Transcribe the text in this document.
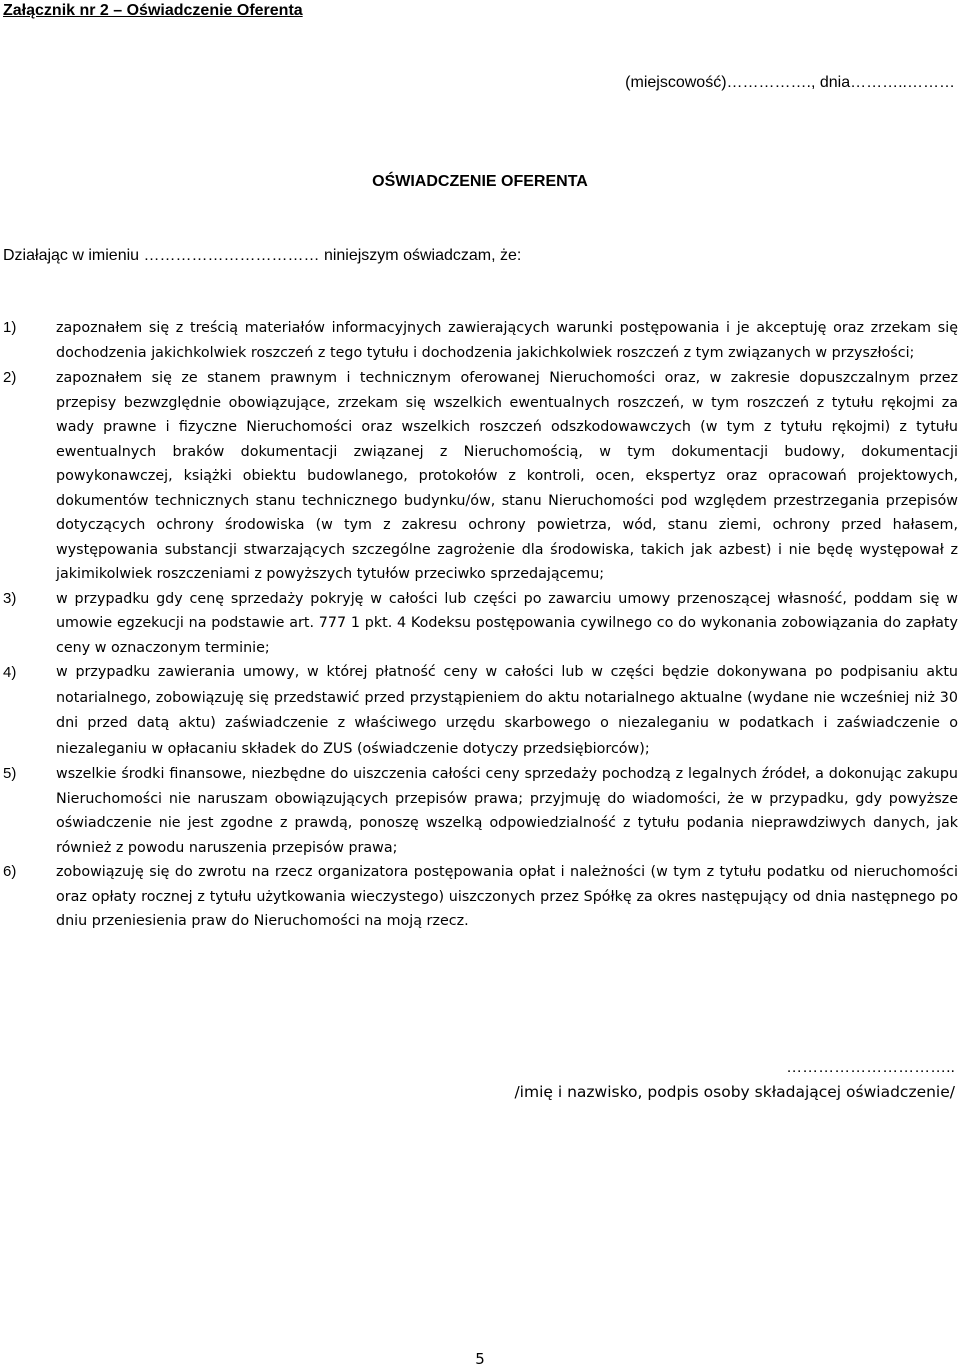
Załącznik nr 2 – Oświadczenie Oferenta
(miejscowość)……………., dnia………..………
OŚWIADCZENIE OFERENTA
Działając w imieniu …………………………… niniejszym oświadczam, że:
1)	zapoznałem się z treścią materiałów informacyjnych zawierających warunki postępowania i je akceptuję oraz zrzekam się dochodzenia jakichkolwiek roszczeń z tego tytułu i dochodzenia jakichkolwiek roszczeń z tym związanych w przyszłości;
2)	zapoznałem się ze stanem prawnym i technicznym oferowanej Nieruchomości oraz, w zakresie dopuszczalnym przez przepisy bezwzględnie obowiązujące, zrzekam się wszelkich ewentualnych roszczeń, w tym roszczeń z tytułu rękojmi za wady prawne i fizyczne Nieruchomości oraz wszelkich roszczeń odszkodowawczych (w tym z tytułu rękojmi) z tytułu ewentualnych braków dokumentacji związanej z Nieruchomością, w tym dokumentacji budowy, dokumentacji powykonawczej, książki obiektu budowlanego, protokołów z kontroli, ocen, ekspertyz oraz opracowań projektowych, dokumentów technicznych stanu technicznego budynku/ów, stanu Nieruchomości pod względem przestrzegania przepisów dotyczących ochrony środowiska (w tym z zakresu ochrony powietrza, wód, stanu ziemi, ochrony przed hałasem, występowania substancji stwarzających szczególne zagrożenie dla środowiska, takich jak azbest) i nie będę występował z jakimikolwiek roszczeniami z powyższych tytułów przeciwko sprzedającemu;
3)	w przypadku gdy cenę sprzedaży pokryję w całości lub części po zawarciu umowy przenoszącej własność, poddam się w umowie egzekucji na podstawie art. 777 1 pkt. 4 Kodeksu postępowania cywilnego co do wykonania zobowiązania do zapłaty ceny w oznaczonym terminie;
4)	w przypadku zawierania umowy, w której płatność ceny w całości lub w części będzie dokonywana po podpisaniu aktu notarialnego, zobowiązuję się przedstawić przed przystąpieniem do aktu notarialnego aktualne (wydane nie wcześniej niż 30 dni przed datą aktu) zaświadczenie z właściwego urzędu skarbowego o niezaleganiu w podatkach i zaświadczenie o niezaleganiu w opłacaniu składek do ZUS (oświadczenie dotyczy przedsiębiorców);
5)	wszelkie środki finansowe, niezbędne do uiszczenia całości ceny sprzedaży pochodzą z legalnych źródeł, a dokonując zakupu Nieruchomości nie naruszam obowiązujących przepisów prawa; przyjmuję do wiadomości, że w przypadku, gdy powyższe oświadczenie nie jest zgodne z prawdą, ponoszę wszelką odpowiedzialność z tytułu podania nieprawdziwych danych, jak również z powodu naruszenia przepisów prawa;
6)	zobowiązuję się do zwrotu na rzecz organizatora postępowania opłat i należności (w tym z tytułu podatku od nieruchomości oraz opłaty rocznej z tytułu użytkowania wieczystego) uiszczonych przez Spółkę za okres następujący od dnia następnego po dniu przeniesienia praw do Nieruchomości na moją rzecz.
…………………………..
/imię i nazwisko, podpis osoby składającej oświadczenie/
5
